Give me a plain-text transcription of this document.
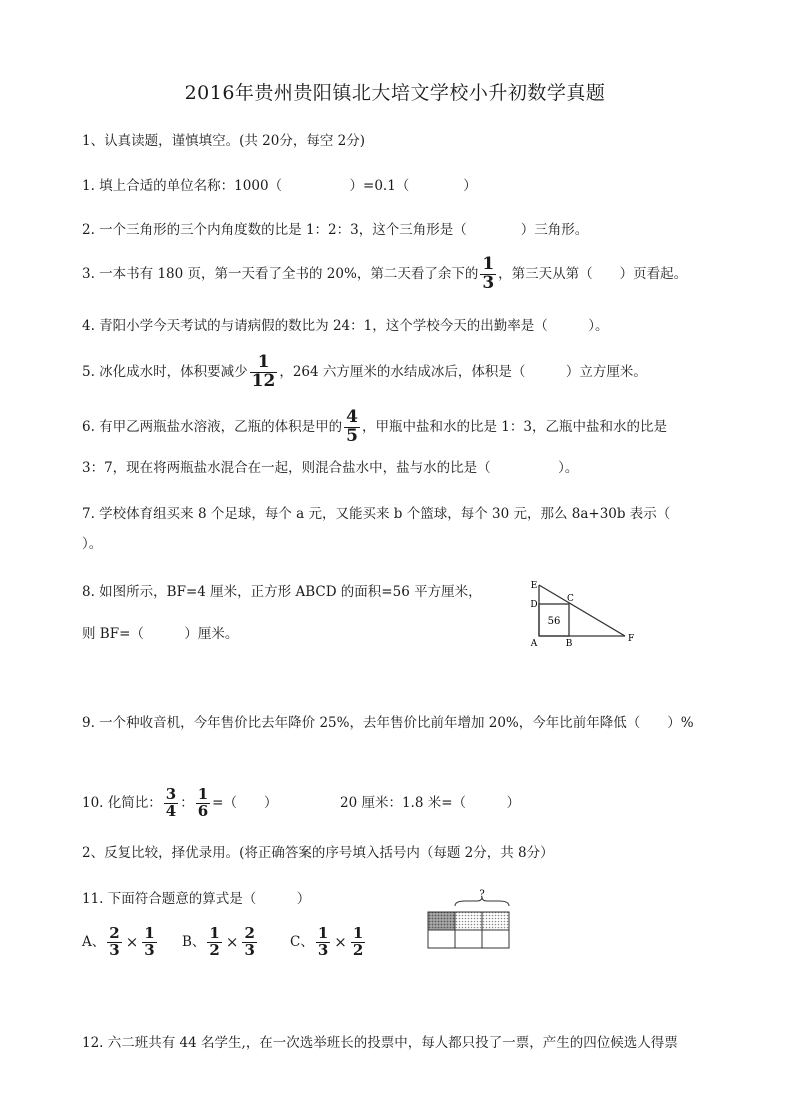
2016年贵州贵阳镇北大培文学校小升初数学真题
1、认真读题，谨慎填空。(共 20分，每空 2分)
1. 填上合适的单位名称：1000（　　　　　）=0.1（　　　　）
2. 一个三角形的三个内角度数的比是 1：2：3，这个三角形是（　　　　）三角形。
3. 一本书有 180 页，第一天看了全书的 20%，第二天看了余下的 $\frac{1}{3}$ ，第三天从第（　　）页看起。
4. 青阳小学今天考试的与请病假的数比为 24：1，这个学校今天的出勤率是（　　　）。
5. 冰化成水时，体积要减少 $\frac{1}{12}$ ，264 六方厘米的水结成冰后，体积是（　　　）立方厘米。
6. 有甲乙两瓶盐水溶液，乙瓶的体积是甲的 $\frac{4}{5}$ ，甲瓶中盐和水的比是 1：3，乙瓶中盐和水的比是
3：7，现在将两瓶盐水混合在一起，则混合盐水中，盐与水的比是（　　　　　）。
7. 学校体育组买来 8 个足球，每个 a 元，又能买来 b 个篮球，每个 30 元，那么 8a+30b 表示（
）。
8. 如图所示，BF=4 厘米，正方形 ABCD 的面积=56 平方厘米，
则 BF=（　　　）厘米。
E
D
C
56
A	B	F
9. 一个种收音机，今年售价比去年降价 25%，去年售价比前年增加 20%，今年比前年降低（　　）%
10. 化简比： $\frac{3}{4}$ ： $\frac{1}{6}$ =（　　）	20 厘米：1.8 米=（　　　）
2、反复比较，择优录用。(将正确答案的序号填入括号内（每题 2分，共 8分）
11. 下面符合题意的算式是（　　　）
A、 $\frac{2}{3} \times \frac{1}{3}$ B、 $\frac{1}{2} \times \frac{2}{3}$ C、 $\frac{1}{3} \times \frac{1}{2}$
?
12. 六二班共有 44 名学生,，在一次选举班长的投票中，每人都只投了一票，产生的四位候选人得票
